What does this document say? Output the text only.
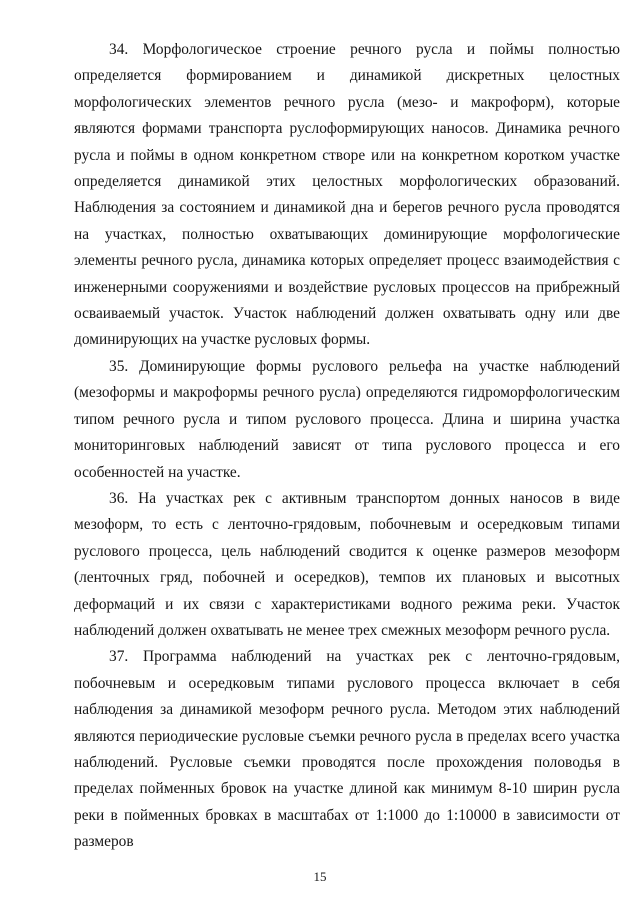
34. Морфологическое строение речного русла и поймы полностью определяется формированием и динамикой дискретных целостных морфологических элементов речного русла (мезо- и макроформ), которые являются формами транспорта руслоформирующих наносов. Динамика речного русла и поймы в одном конкретном створе или на конкретном коротком участке определяется динамикой этих целостных морфологических образований. Наблюдения за состоянием и динамикой дна и берегов речного русла проводятся на участках, полностью охватывающих доминирующие морфологические элементы речного русла, динамика которых определяет процесс взаимодействия с инженерными сооружениями и воздействие русловых процессов на прибрежный осваиваемый участок. Участок наблюдений должен охватывать одну или две доминирующих на участке русловых формы.

35. Доминирующие формы руслового рельефа на участке наблюдений (мезоформы и макроформы речного русла) определяются гидроморфологическим типом речного русла и типом руслового процесса. Длина и ширина участка мониторинговых наблюдений зависят от типа руслового процесса и его особенностей на участке.

36. На участках рек с активным транспортом донных наносов в виде мезоформ, то есть с ленточно-грядовым, побочневым и осередковым типами руслового процесса, цель наблюдений сводится к оценке размеров мезоформ (ленточных гряд, побочней и осередков), темпов их плановых и высотных деформаций и их связи с характеристиками водного режима реки. Участок наблюдений должен охватывать не менее трех смежных мезоформ речного русла.

37. Программа наблюдений на участках рек с ленточно-грядовым, побочневым и осередковым типами руслового процесса включает в себя наблюдения за динамикой мезоформ речного русла. Методом этих наблюдений являются периодические русловые съемки речного русла в пределах всего участка наблюдений. Русловые съемки проводятся после прохождения половодья в пределах пойменных бровок на участке длиной как минимум 8-10 ширин русла реки в пойменных бровках в масштабах от 1:1000 до 1:10000 в зависимости от размеров

15
